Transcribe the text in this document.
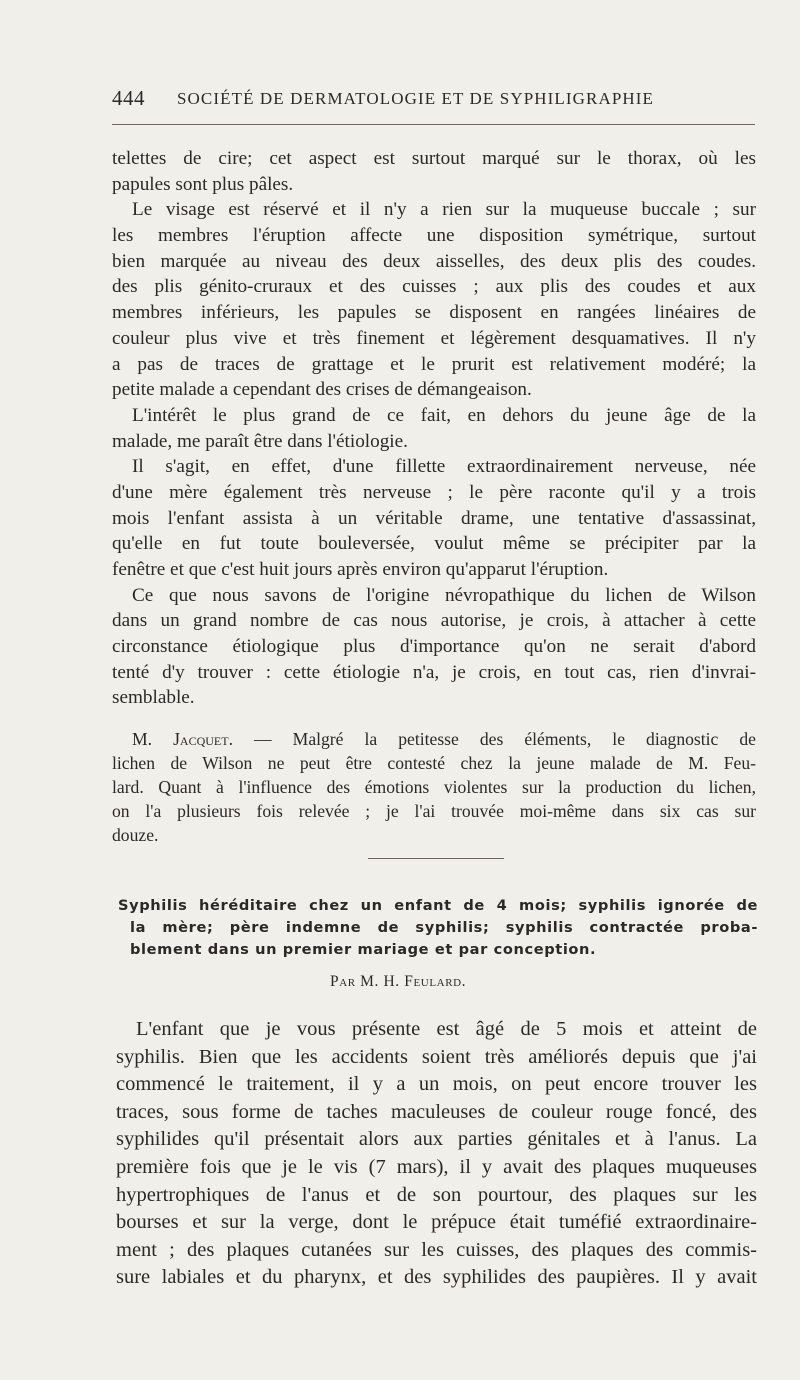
444 SOCIÉTÉ DE DERMATOLOGIE ET DE SYPHILIGRAPHIE
telettes de cire; cet aspect est surtout marqué sur le thorax, où les
papules sont plus pâles.
Le visage est réservé et il n'y a rien sur la muqueuse buccale ; sur
les membres l'éruption affecte une disposition symétrique, surtout
bien marquée au niveau des deux aisselles, des deux plis des coudes.
des plis génito-cruraux et des cuisses ; aux plis des coudes et aux
membres inférieurs, les papules se disposent en rangées linéaires de
couleur plus vive et très finement et légèrement desquamatives. Il n'y
a pas de traces de grattage et le prurit est relativement modéré; la
petite malade a cependant des crises de démangeaison.
L'intérêt le plus grand de ce fait, en dehors du jeune âge de la
malade, me paraît être dans l'étiologie.
Il s'agit, en effet, d'une fillette extraordinairement nerveuse, née
d'une mère également très nerveuse ; le père raconte qu'il y a trois
mois l'enfant assista à un véritable drame, une tentative d'assassinat,
qu'elle en fut toute bouleversée, voulut même se précipiter par la
fenêtre et que c'est huit jours après environ qu'apparut l'éruption.
Ce que nous savons de l'origine névropathique du lichen de Wilson
dans un grand nombre de cas nous autorise, je crois, à attacher à cette
circonstance étiologique plus d'importance qu'on ne serait d'abord
tenté d'y trouver : cette étiologie n'a, je crois, en tout cas, rien d'invrai-
semblable.
M. Jacquet. — Malgré la petitesse des éléments, le diagnostic de
lichen de Wilson ne peut être contesté chez la jeune malade de M. Feu-
lard. Quant à l'influence des émotions violentes sur la production du lichen,
on l'a plusieurs fois relevée ; je l'ai trouvée moi-même dans six cas sur
douze.
Syphilis héréditaire chez un enfant de 4 mois; syphilis ignorée de
la mère; père indemne de syphilis; syphilis contractée proba-
blement dans un premier mariage et par conception.
Par M. H. Feulard.
L'enfant que je vous présente est âgé de 5 mois et atteint de
syphilis. Bien que les accidents soient très améliorés depuis que j'ai
commencé le traitement, il y a un mois, on peut encore trouver les
traces, sous forme de taches maculeuses de couleur rouge foncé, des
syphilides qu'il présentait alors aux parties génitales et à l'anus. La
première fois que je le vis (7 mars), il y avait des plaques muqueuses
hypertrophiques de l'anus et de son pourtour, des plaques sur les
bourses et sur la verge, dont le prépuce était tuméfié extraordinaire-
ment ; des plaques cutanées sur les cuisses, des plaques des commis-
sure labiales et du pharynx, et des syphilides des paupières. Il y avait
